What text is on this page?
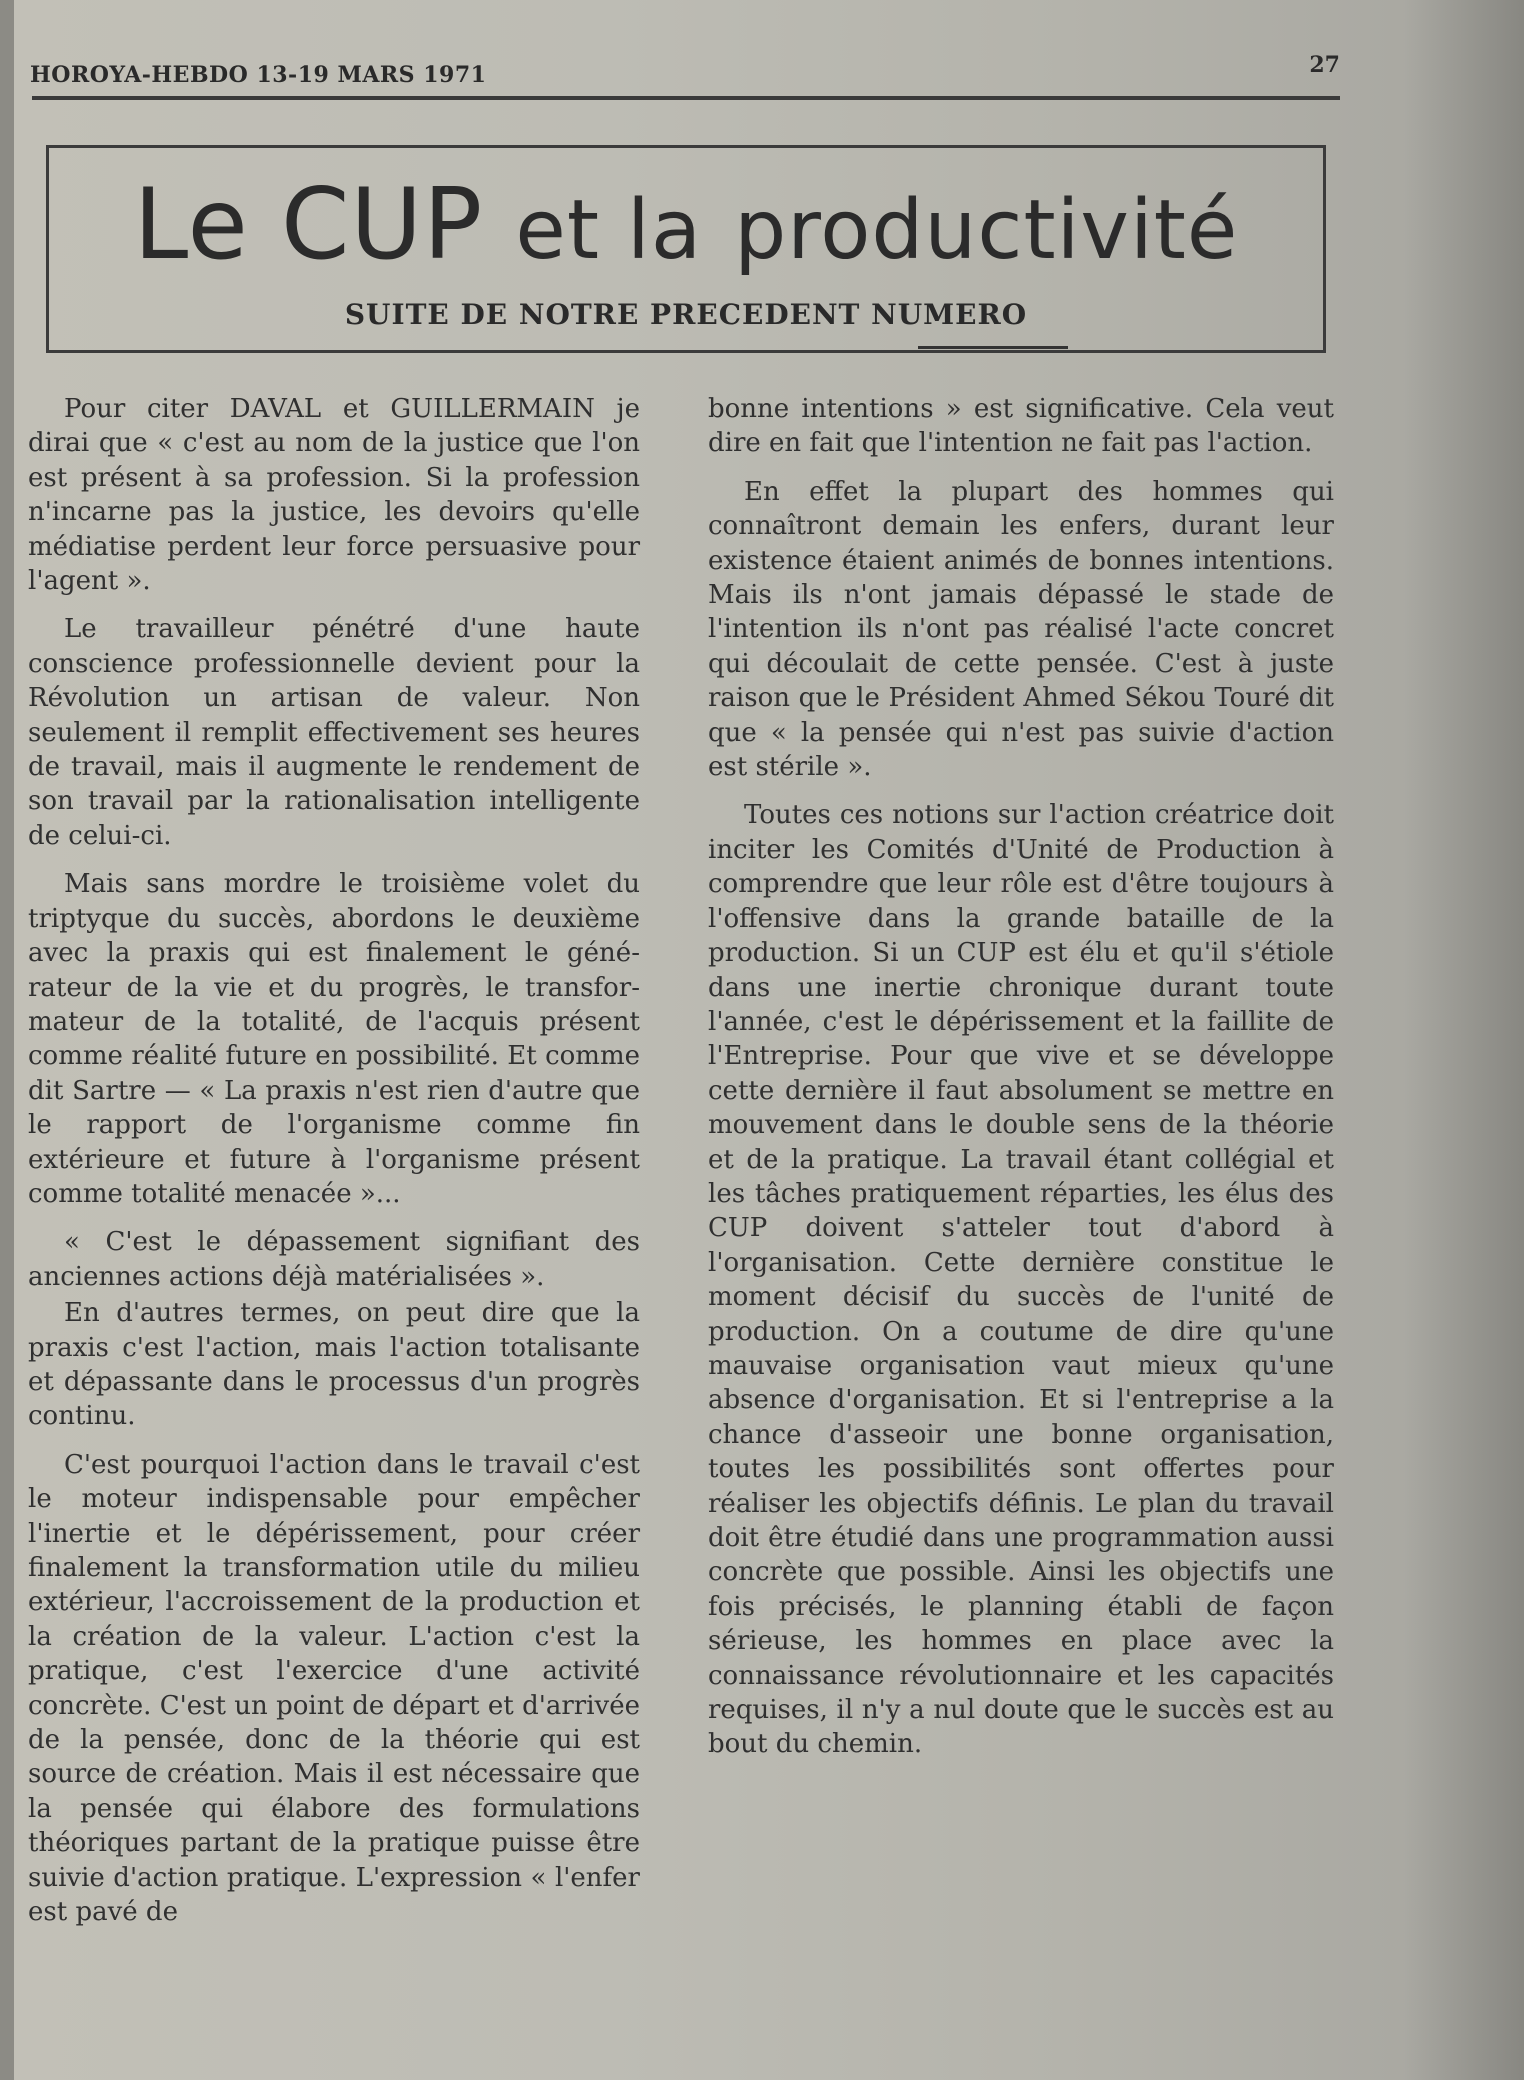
HOROYA-HEBDO 13-19 MARS 1971	27
Le CUP et la productivité
SUITE DE NOTRE PRECEDENT NUMERO

Pour citer DAVAL et GUILLERMAIN je dirai que « c'est au nom de la justice que l'on est présent à sa profession. Si la profession n'incarne pas la justice, les devoirs qu'elle médiatise perdent leur force persuasive pour l'agent ».

Le travailleur pénétré d'une haute conscience professionnelle devient pour la Révolution un artisan de valeur. Non seulement il remplit effectivement ses heures de travail, mais il augmente le rendement de son travail par la rationalisation intelligente de celui-ci.

Mais sans mordre le troisième volet du triptyque du succès, abordons le deuxième avec la praxis qui est finalement le générateur de la vie et du progrès, le transformateur de la totalité, de l'acquis présent comme réalité future en possibilité. Et comme dit Sartre — « La praxis n'est rien d'autre que le rapport de l'organisme comme fin extérieure et future à l'organisme présent comme totalité menacée »...

« C'est le dépassement signifiant des anciennes actions déjà matérialisées ».

En d'autres termes, on peut dire que la praxis c'est l'action, mais l'action totalisante et dépassante dans le processus d'un progrès continu.

C'est pourquoi l'action dans le travail c'est le moteur indispensable pour empêcher l'inertie et le dépérissement, pour créer finalement la transformation utile du milieu extérieur, l'accroissement de la production et la création de la valeur. L'action c'est la pratique, c'est l'exercice d'une activité concrète. C'est un point de départ et d'arrivée de la pensée, donc de la théorie qui est source de création. Mais il est nécessaire que la pensée qui élabore des formulations théoriques partant de la pratique puisse être suivie d'action pratique. L'expression « l'enfer est pavé de

bonne intentions » est significative. Cela veut dire en fait que l'intention ne fait pas l'action.

En effet la plupart des hommes qui connaîtront demain les enfers, durant leur existence étaient animés de bonnes intentions. Mais ils n'ont jamais dépassé le stade de l'intention ils n'ont pas réalisé l'acte concret qui découlait de cette pensée. C'est à juste raison que le Président Ahmed Sékou Touré dit que « la pensée qui n'est pas suivie d'action est stérile ».

Toutes ces notions sur l'action créatrice doit inciter les Comités d'Unité de Production à comprendre que leur rôle est d'être toujours à l'offensive dans la grande bataille de la production. Si un CUP est élu et qu'il s'étiole dans une inertie chronique durant toute l'année, c'est le dépérissement et la faillite de l'Entreprise. Pour que vive et se développe cette dernière il faut absolument se mettre en mouvement dans le double sens de la théorie et de la pratique. La travail étant collégial et les tâches pratiquement réparties, les élus des CUP doivent s'atteler tout d'abord à l'organisation. Cette dernière constitue le moment décisif du succès de l'unité de production. On a coutume de dire qu'une mauvaise organisation vaut mieux qu'une absence d'organisation. Et si l'entreprise a la chance d'asseoir une bonne organisation, toutes les possibilités sont offertes pour réaliser les objectifs définis. Le plan du travail doit être étudié dans une programmation aussi concrète que possible. Ainsi les objectifs une fois précisés, le planning établi de façon sérieuse, les hommes en place avec la connaissance révolutionnaire et les capacités requises, il n'y a nul doute que le succès est au bout du chemin.
